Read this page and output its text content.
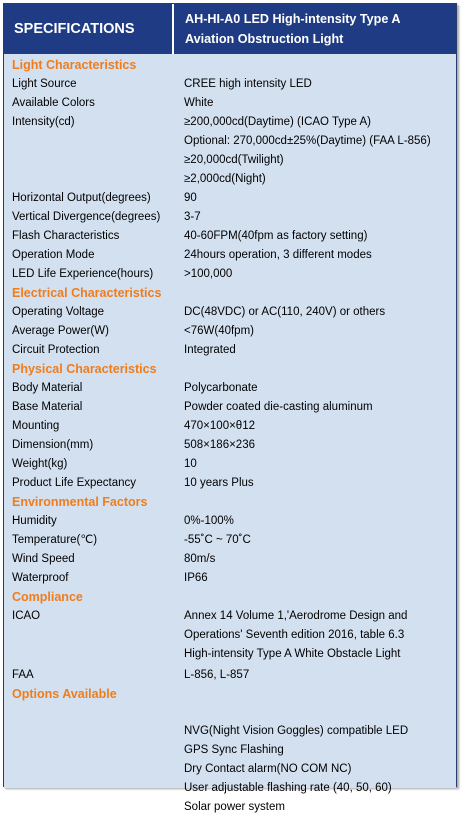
SPECIFICATIONS
AH-HI-A0 LED High-intensity Type A
Aviation Obstruction Light
Light Characteristics
Light Source	CREE high intensity LED
Available Colors	White
Intensity(cd)	≥200,000cd(Daytime) (ICAO Type A)
Optional: 270,000cd±25%(Daytime) (FAA L-856)
≥20,000cd(Twilight)
≥2,000cd(Night)
Horizontal Output(degrees)	90
Vertical Divergence(degrees)	3-7
Flash Characteristics	40-60FPM(40fpm as factory setting)
Operation Mode	24hours operation, 3 different modes
LED Life Experience(hours)	>100,000
Electrical Characteristics
Operating Voltage	DC(48VDC) or AC(110, 240V) or others
Average Power(W)	<76W(40fpm)
Circuit Protection	Integrated
Physical Characteristics
Body Material	Polycarbonate
Base Material	Powder coated die-casting aluminum
Mounting	470×100×θ12
Dimension(mm)	508×186×236
Weight(kg)	10
Product Life Expectancy	10 years Plus
Environmental Factors
Humidity	0%-100%
Temperature(℃)	-55˚C ~ 70˚C
Wind Speed	80m/s
Waterproof	IP66
Compliance
ICAO	Annex 14 Volume 1,'Aerodrome Design and
Operations' Seventh edition 2016, table 6.3
High-intensity Type A White Obstacle Light
FAA	L-856, L-857
Options Available
NVG(Night Vision Goggles) compatible LED
GPS Sync Flashing
Dry Contact alarm(NO COM NC)
User adjustable flashing rate (40, 50, 60)
Solar power system
